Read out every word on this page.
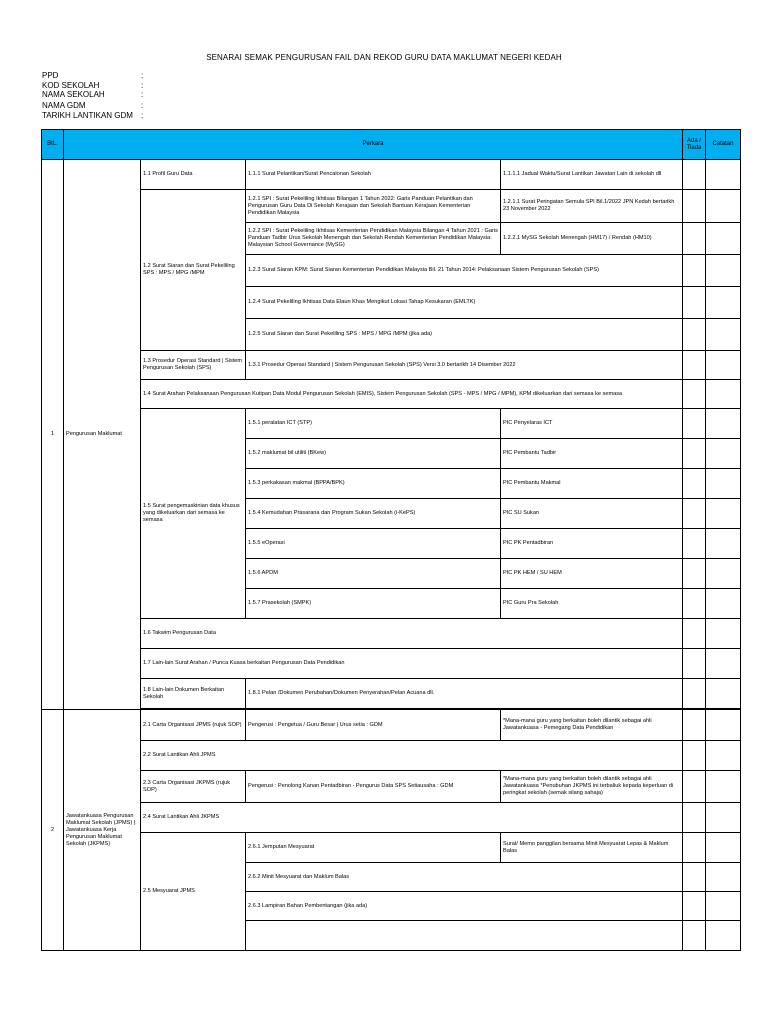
SENARAI SEMAK PENGURUSAN FAIL DAN REKOD GURU DATA MAKLUMAT NEGERI KEDAH
PPD	:
KOD SEKOLAH	:
NAMA SEKOLAH	:
NAMA GDM	:
TARIKH LANTIKAN GDM	:
BIL.	Perkara				Ada / Tiada	Catatan
1	Pengurusan Maklumat	1.1 Profil Guru Data	1.1.1 Surat Pelantikan/Surat Pencalonan Sekolah	1.1.1.1 Jadual Waktu/Surat Lantikan Jawatan Lain di sekolah dll		
		1.2 Surat Siaran dan Surat Pekeliling SPS : MPS / MPG /MPM	1.2.1 SPI : Surat Pekeliling Ikhtisas Bilangan 1 Tahun 2022: Garis Panduan Pelantikan dan Pengurusan Guru Data Di Sekolah Kerajaan dan Sekolah Bantuan Kerajaan Kementerian Pendidikan Malaysia	1.2.1.1 Surat Peringatan Semula SPI Bil.1/2022 JPN Kedah bertarikh 23 November 2022		
			1.2.2 SPI : Surat Pekeliling Ikhtisas Kementerian Pendidikan Malaysia Bilangan 4 Tahun 2021 : Garis Panduan Tadbir Urus Sekolah Menengah dan Sekolah Rendah Kementerian Pendidikan Malaysia: Malaysian School Governance (MySG)	1.2.2.1 MySG Sekolah Menengah (HM17) / Rendah (HM10)		
			1.2.3 Surat Siaran KPM: Surat Siaran Kementerian Pendidikan Malaysia Bil. 21 Tahun 2014: Pelaksanaan Sistem Pengurusan Sekolah (SPS)			
			1.2.4 Surat Pekeliling Ikhtisas Data Elaun Khas Mengikut Lokasi Tahap Kesukaran (EMLTK)			
			1.2.5 Surat Siaran dan Surat Pekeliling SPS : MPS / MPG /MPM (jika ada)			
		1.3 Prosedur Operasi Standard | Sistem Pengurusan Sekolah (SPS)	1.3.1 Prosedur Operasi Standard | Sistem Pengurusan Sekolah (SPS) Versi 3.0 bertarikh 14 Disember 2022			
		1.4 Surat Arahan Pelaksanaan Pengurusan Kutipan Data Modul Pengurusan Sekolah (EMIS), Sistem Pengurusan Sekolah (SPS - MPS / MPG / MPM), KPM dikeluarkan dari semasa ke semasa				
		1.5 Surat pengemaskinian data khusus yang dikeluarkan dari semasa ke semasa	1.5.1 peralatan ICT (STP)	PIC Penyelaras ICT		
			1.5.2 maklumat bil utiliti (BKew)	PIC Pembantu Tadbir		
			1.5.3 perkakasan makmal (BPPA/BPK)	PIC Pembantu Makmal		
			1.5.4 Kemudahan Prasarana dan Program Sukan Sekolah (i-KePS)	PIC SU Sukan		
			1.5.5 eOperasi	PIC PK Pentadbiran		
			1.5.6 APDM	PIC PK HEM / SU HEM		
			1.5.7 Prasekolah (SMPK)	PIC Guru Pra Sekolah		
		1.6 Takwim Pengurusan Data				
		1.7 Lain-lain Surat Arahan / Punca Kuasa berkaitan Pengurusan Data Pendidikan				
		1.8 Lain-lain Dokumen Berkaitan Sekolah	1.8.1 Pelan /Dokumen Perubahan/Dokumen Penyerahan/Pelan Acuana dll.			

2	Jawatankuasa Pengurusan Maklumat Sekolah (JPMS) | Jawatankuasa Kerja Pengurusan Maklumat Sekolah (JKPMS)	2.1 Carta Organisasi JPMS (rujuk SOP)	Pengerusi : Pengetua / Guru Besar | Urus setia : GDM	*Mana-mana guru yang berkaitan boleh dilantik sebagai ahli Jawatankuasa - Pemegang Data Pendidikan		
		2.2 Surat Lantikan Ahli JPMS				
		2.3 Carta Organisasi JKPMS (rujuk SOP)	Pengerusi : Penolong Kanan Pentadbiran - Pengurus Data SPS Setiausaha : GDM	*Mana-mana guru yang berkaitan boleh dilantik sebagai ahli Jawatankuasa *Penubuhan JKPMS ini terbaliuk kepada keperluan di peringkat sekolah (semak silang sahaja)		
		2.4 Surat Lantikan Ahli JKPMS				
		2.5 Mesyuarat JPMS	2.6.1 Jemputan Mesyuarat	Surat/ Memo panggilan bersama Minit Mesyuarat Lepas & Maklum Balas		
			2.6.2 Minit Mesyuarat dan Maklum Balas			
			2.6.3 Lampiran Bahan Pembentangan (jika ada)			
